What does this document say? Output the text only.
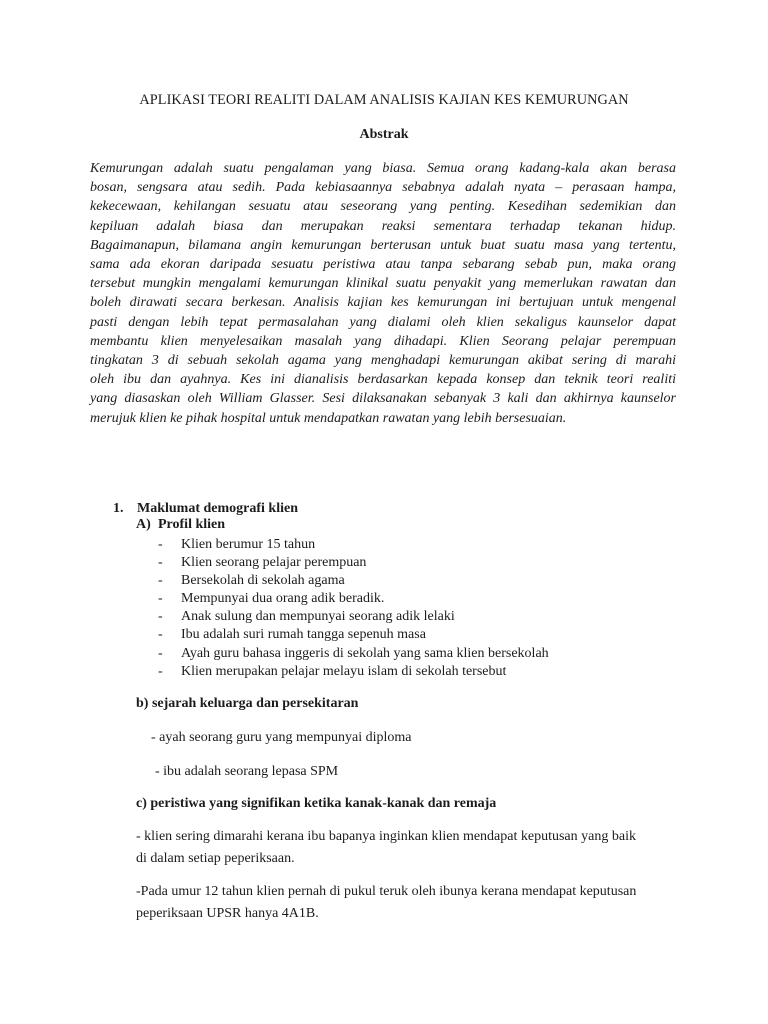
APLIKASI TEORI REALITI DALAM ANALISIS KAJIAN KES KEMURUNGAN
Abstrak
Kemurungan adalah suatu pengalaman yang biasa. Semua orang kadang-kala akan berasa
bosan, sengsara atau sedih. Pada kebiasaannya sebabnya adalah nyata – perasaan hampa,
kekecewaan, kehilangan sesuatu atau seseorang yang penting. Kesedihan sedemikian dan
kepiluan adalah biasa dan merupakan reaksi sementara terhadap tekanan hidup.
Bagaimanapun, bilamana angin kemurungan berterusan untuk buat suatu masa yang tertentu,
sama ada ekoran daripada sesuatu peristiwa atau tanpa sebarang sebab pun, maka orang
tersebut mungkin mengalami kemurungan klinikal suatu penyakit yang memerlukan rawatan dan
boleh dirawati secara berkesan. Analisis kajian kes kemurungan ini bertujuan untuk mengenal
pasti dengan lebih tepat permasalahan yang dialami oleh klien sekaligus kaunselor dapat
membantu klien menyelesaikan masalah yang dihadapi. Klien Seorang pelajar perempuan
tingkatan 3 di sebuah sekolah agama yang menghadapi kemurungan akibat sering di marahi
oleh ibu dan ayahnya. Kes ini dianalisis berdasarkan kepada konsep dan teknik teori realiti
yang diasaskan oleh William Glasser. Sesi dilaksanakan sebanyak 3 kali dan akhirnya kaunselor
merujuk klien ke pihak hospital untuk mendapatkan rawatan yang lebih bersesuaian.
1. Maklumat demografi klien
A) Profil klien
- Klien berumur 15 tahun
- Klien seorang pelajar perempuan
- Bersekolah di sekolah agama
- Mempunyai dua orang adik beradik.
- Anak sulung dan mempunyai seorang adik lelaki
- Ibu adalah suri rumah tangga sepenuh masa
- Ayah guru bahasa inggeris di sekolah yang sama klien bersekolah
- Klien merupakan pelajar melayu islam di sekolah tersebut
b) sejarah keluarga dan persekitaran

- ayah seorang guru yang mempunyai diploma

- ibu adalah seorang lepasa SPM

c) peristiwa yang signifikan ketika kanak-kanak dan remaja
- klien sering dimarahi kerana ibu bapanya inginkan klien mendapat keputusan yang baik
di dalam setiap peperiksaan.
-Pada umur 12 tahun klien pernah di pukul teruk oleh ibunya kerana mendapat keputusan
peperiksaan UPSR hanya 4A1B.
